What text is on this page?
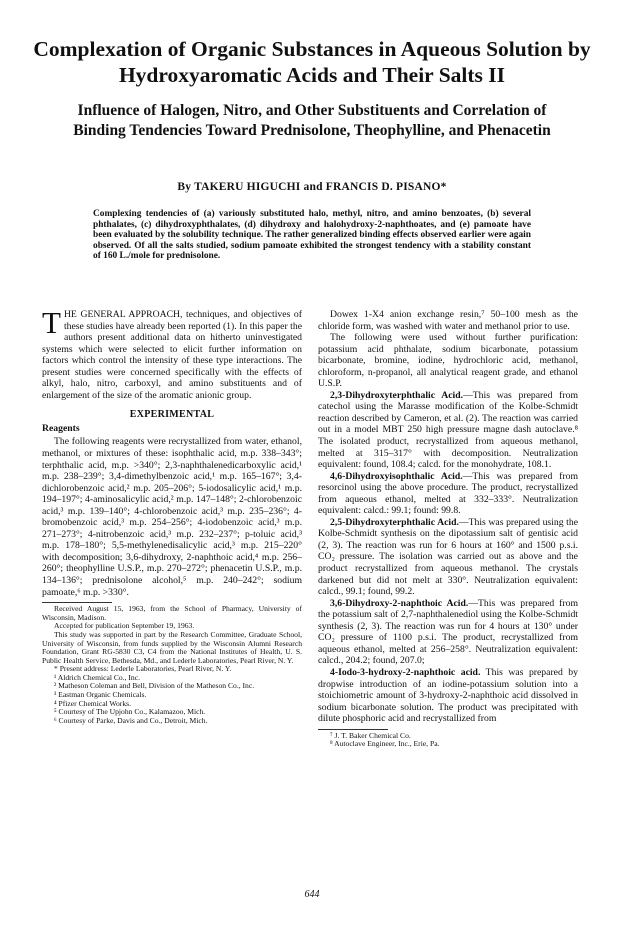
Complexation of Organic Substances in Aqueous Solution by Hydroxyaromatic Acids and Their Salts II
Influence of Halogen, Nitro, and Other Substituents and Correlation of Binding Tendencies Toward Prednisolone, Theophylline, and Phenacetin
By TAKERU HIGUCHI and FRANCIS D. PISANO*

Complexing tendencies of (a) variously substituted halo, methyl, nitro, and amino benzoates, (b) several phthalates, (c) dihydroxyphthalates, (d) dihydroxy and halohydroxy-2-naphthoates, and (e) pamoate have been evaluated by the solubility technique. The rather generalized binding effects observed earlier were again observed. Of all the salts studied, sodium pamoate exhibited the strongest tendency with a stability constant of 160 L./mole for prednisolone.

THE GENERAL APPROACH, techniques, and objectives of these studies have already been reported (1). In this paper the authors present additional data on hitherto uninvestigated systems which were selected to elicit further information on factors which control the intensity of these type interactions. The present studies were concerned specifically with the effects of alkyl, halo, nitro, carboxyl, and amino substituents and of enlargement of the size of the aromatic anionic group.

EXPERIMENTAL
Reagents

The following reagents were recrystallized from water, ethanol, methanol, or mixtures of these: isophthalic acid, m.p. 338–343°; terphthalic acid, m.p. >340°; 2,3-naphthalenedicarboxylic acid,¹ m.p. 238–239°; 3,4-dimethylbenzoic acid,¹ m.p. 165–167°; 3,4-dichlorobenzoic acid,² m.p. 205–206°; 5-iodosalicylic acid,¹ m.p. 194–197°; 4-aminosalicylic acid,² m.p. 147–148°; 2-chlorobenzoic acid,³ m.p. 139–140°; 4-chlorobenzoic acid,³ m.p. 235–236°; 4-bromobenzoic acid,³ m.p. 254–256°; 4-iodobenzoic acid,³ m.p. 271–273°; 4-nitrobenzoic acid,³ m.p. 232–237°; p-toluic acid,³ m.p. 178–180°; 5,5-methylenedisalicylic acid,³ m.p. 215–220° with decomposition; 3,6-dihydroxy, 2-naphthoic acid,⁴ m.p. 256–260°; theophylline U.S.P., m.p. 270–272°; phenacetin U.S.P., m.p. 134–136°; prednisolone alcohol,⁵ m.p. 240–242°; sodium pamoate,⁶ m.p. >330°.

Received August 15, 1963, from the School of Pharmacy, University of Wisconsin, Madison.

Accepted for publication September 19, 1963.

This study was supported in part by the Research Committee, Graduate School, University of Wisconsin, from funds supplied by the Wisconsin Alumni Research Foundation, Grant RG-5830 C3, C4 from the National Institutes of Health, U. S. Public Health Service, Bethesda, Md., and Lederle Laboratories, Pearl River, N. Y.

* Present address: Lederle Laboratories, Pearl River, N. Y.

¹ Aldrich Chemical Co., Inc.

² Matheson Coleman and Bell, Division of the Matheson Co., Inc.

³ Eastman Organic Chemicals.

⁴ Pfizer Chemical Works.

⁵ Courtesy of The Upjohn Co., Kalamazoo, Mich.

⁶ Courtesy of Parke, Davis and Co., Detroit, Mich.

Dowex 1-X4 anion exchange resin,⁷ 50–100 mesh as the chloride form, was washed with water and methanol prior to use.

The following were used without further purification: potassium acid phthalate, sodium bicarbonate, potassium bicarbonate, bromine, iodine, hydrochloric acid, methanol, chloroform, n-propanol, all analytical reagent grade, and ethanol U.S.P.

2,3-Dihydroxyterphthalic Acid.—This was prepared from catechol using the Marasse modification of the Kolbe-Schmidt reaction described by Cameron, et al. (2). The reaction was carried out in a model MBT 250 high pressure magne dash autoclave.⁸ The isolated product, recrystallized from aqueous methanol, melted at 315–317° with decomposition. Neutralization equivalent: found, 108.4; calcd. for the monohydrate, 108.1.

4,6-Dihydroxyisophthalic Acid.—This was prepared from resorcinol using the above procedure. The product, recrystallized from aqueous ethanol, melted at 332–333°. Neutralization equivalent: calcd.: 99.1; found: 99.8.

2,5-Dihydroxyterphthalic Acid.—This was prepared using the Kolbe-Schmidt synthesis on the dipotassium salt of gentisic acid (2, 3). The reaction was run for 6 hours at 160° and 1500 p.s.i. CO₂ pressure. The isolation was carried out as above and the product recrystallized from aqueous methanol. The crystals darkened but did not melt at 330°. Neutralization equivalent: calcd., 99.1; found, 99.2.

3,6-Dihydroxy-2-naphthoic Acid.—This was prepared from the potassium salt of 2,7-naphthalenediol using the Kolbe-Schmidt synthesis (2, 3). The reaction was run for 4 hours at 130° under CO₂ pressure of 1100 p.s.i. The product, recrystallized from aqueous ethanol, melted at 256–258°. Neutralization equivalent: calcd., 204.2; found, 207.0;

4-Iodo-3-hydroxy-2-naphthoic acid. This was prepared by dropwise introduction of an iodine-potassium solution into a stoichiometric amount of 3-hydroxy-2-naphthoic acid dissolved in sodium bicarbonate solution. The product was precipitated with dilute phosphoric acid and recrystallized from

⁷ J. T. Baker Chemical Co.

⁸ Autoclave Engineer, Inc., Erie, Pa.

644
